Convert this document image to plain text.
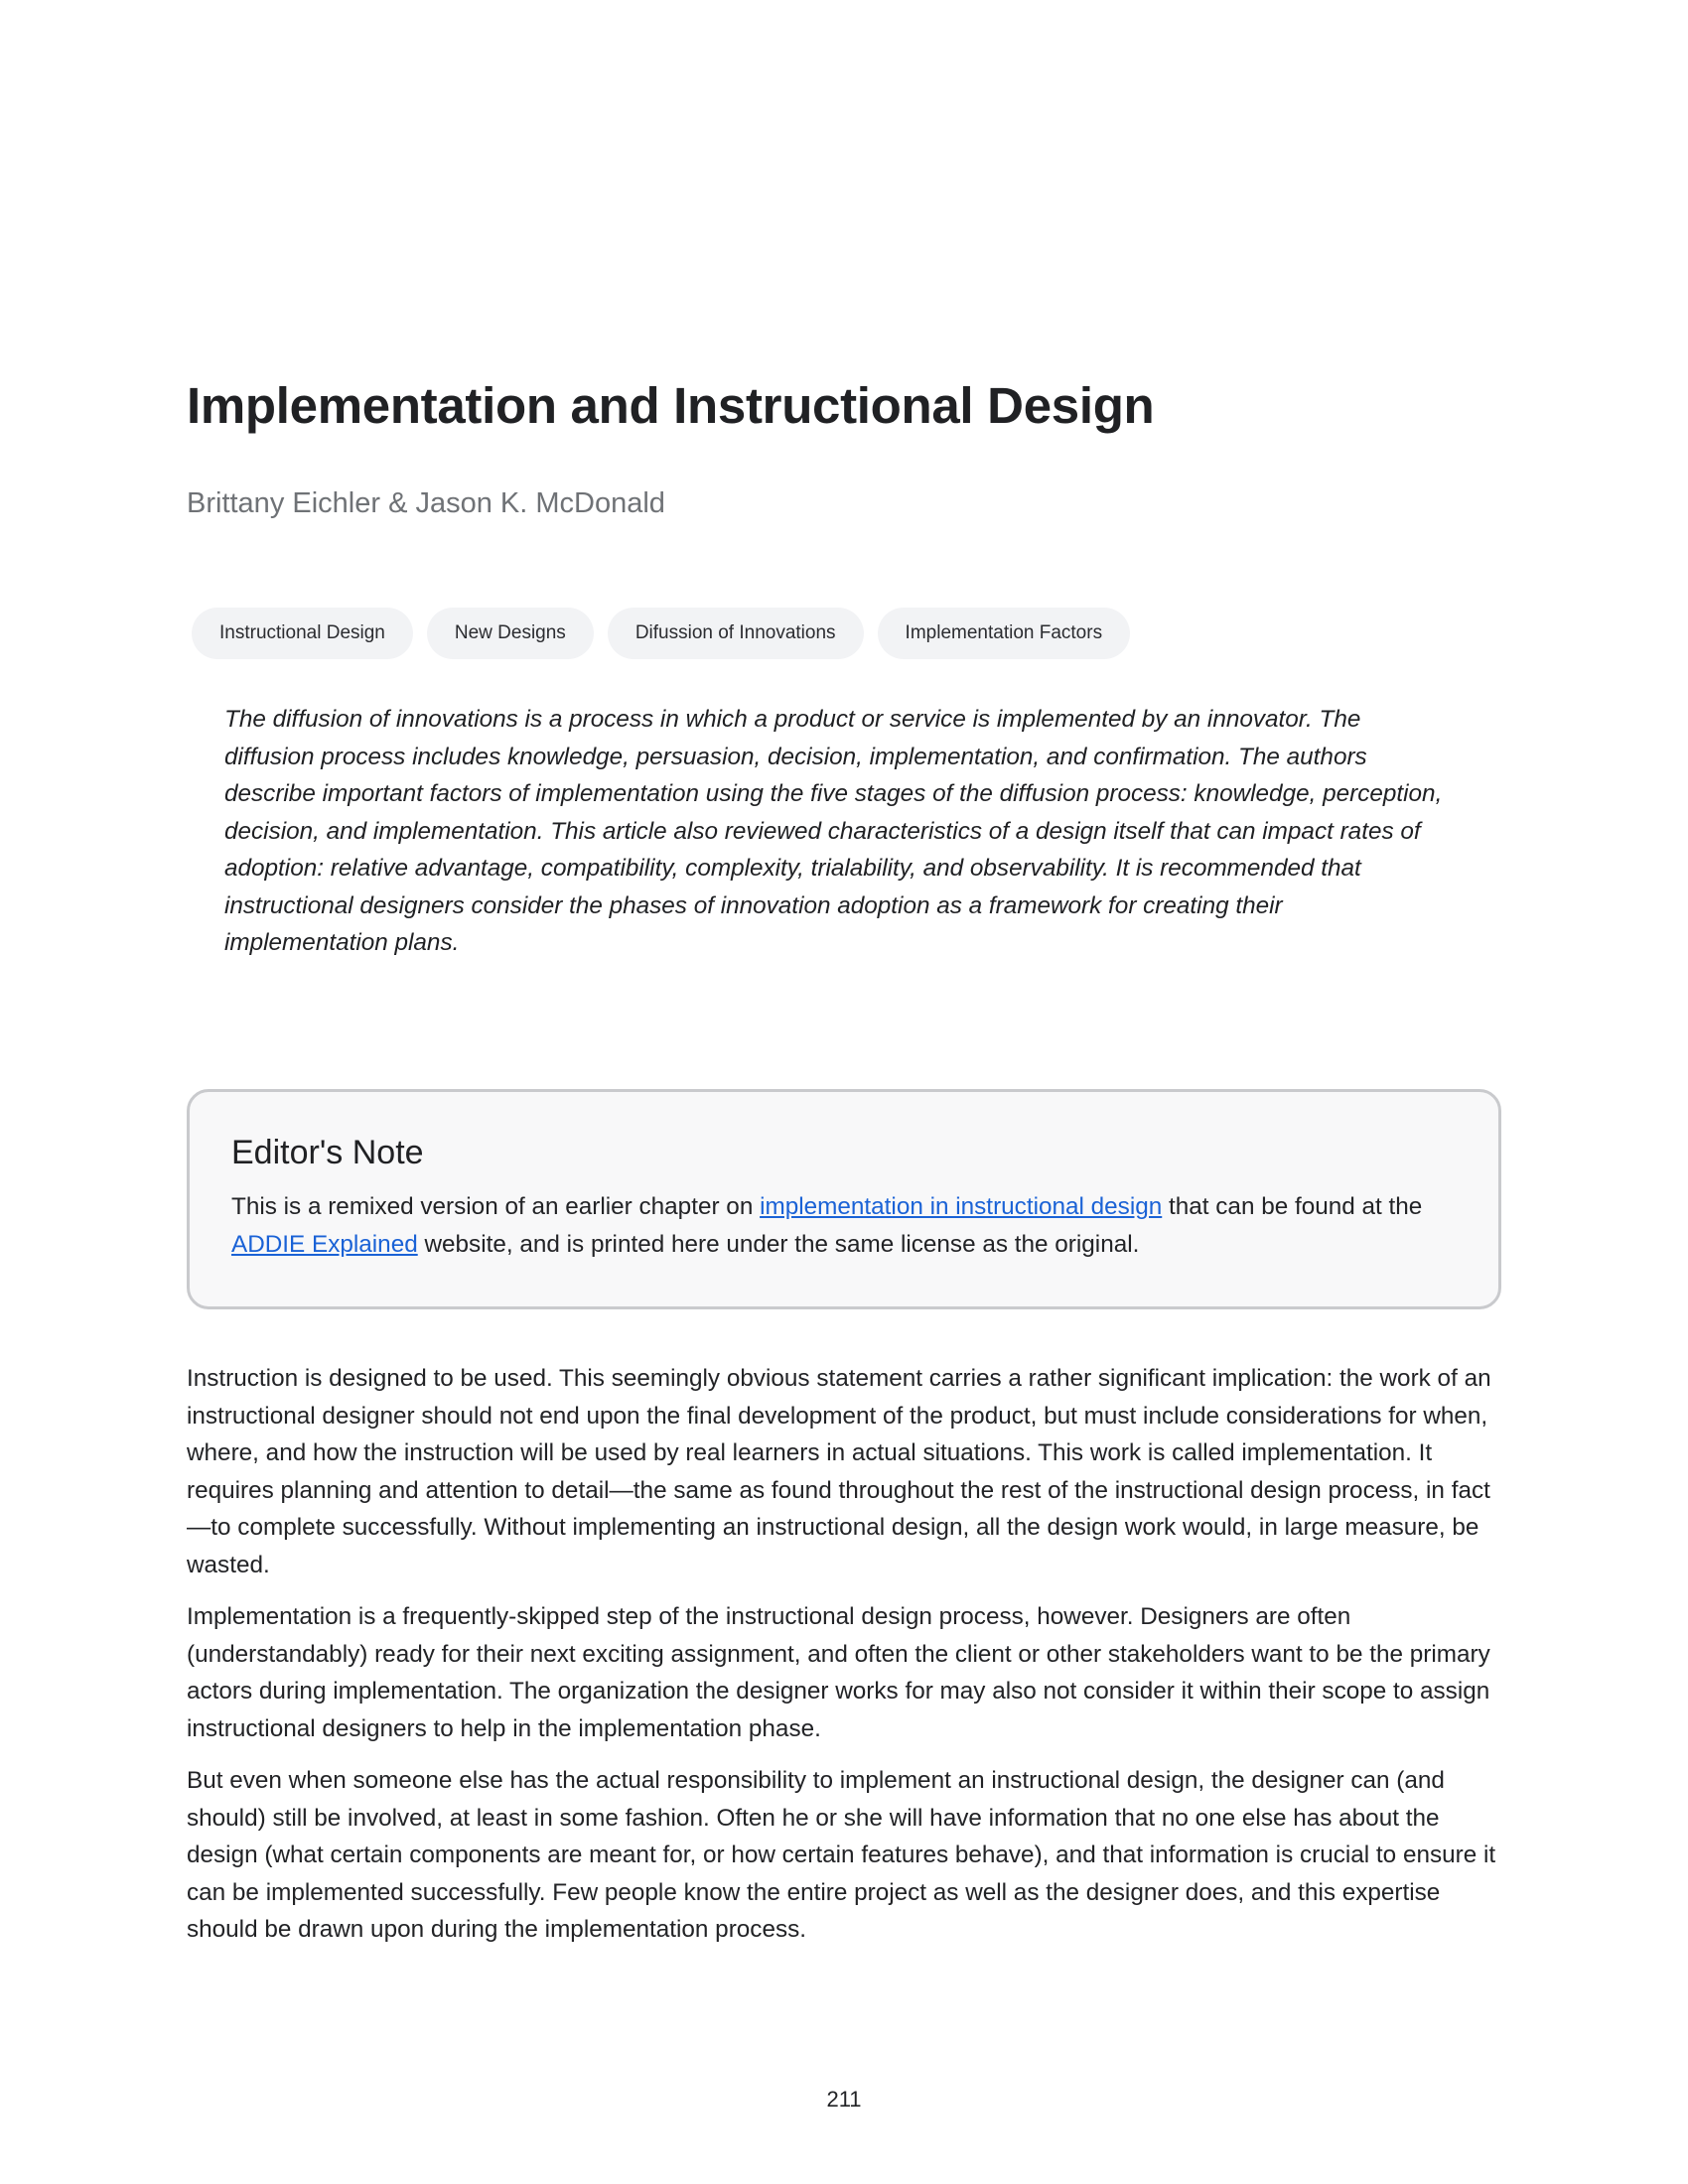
Implementation and Instructional Design

Brittany Eichler & Jason K. McDonald

Instructional Design	New Designs	Difussion of Innovations	Implementation Factors

The diffusion of innovations is a process in which a product or service is implemented by an innovator. The diffusion process includes knowledge, persuasion, decision, implementation, and confirmation. The authors describe important factors of implementation using the five stages of the diffusion process: knowledge, perception, decision, and implementation. This article also reviewed characteristics of a design itself that can impact rates of adoption: relative advantage, compatibility, complexity, trialability, and observability. It is recommended that instructional designers consider the phases of innovation adoption as a framework for creating their implementation plans.

Editor's Note

This is a remixed version of an earlier chapter on implementation in instructional design that can be found at the ADDIE Explained website, and is printed here under the same license as the original.

Instruction is designed to be used. This seemingly obvious statement carries a rather significant implication: the work of an instructional designer should not end upon the final development of the product, but must include considerations for when, where, and how the instruction will be used by real learners in actual situations. This work is called implementation. It requires planning and attention to detail—the same as found throughout the rest of the instructional design process, in fact—to complete successfully. Without implementing an instructional design, all the design work would, in large measure, be wasted.

Implementation is a frequently-skipped step of the instructional design process, however. Designers are often (understandably) ready for their next exciting assignment, and often the client or other stakeholders want to be the primary actors during implementation. The organization the designer works for may also not consider it within their scope to assign instructional designers to help in the implementation phase.

But even when someone else has the actual responsibility to implement an instructional design, the designer can (and should) still be involved, at least in some fashion. Often he or she will have information that no one else has about the design (what certain components are meant for, or how certain features behave), and that information is crucial to ensure it can be implemented successfully. Few people know the entire project as well as the designer does, and this expertise should be drawn upon during the implementation process.

211
